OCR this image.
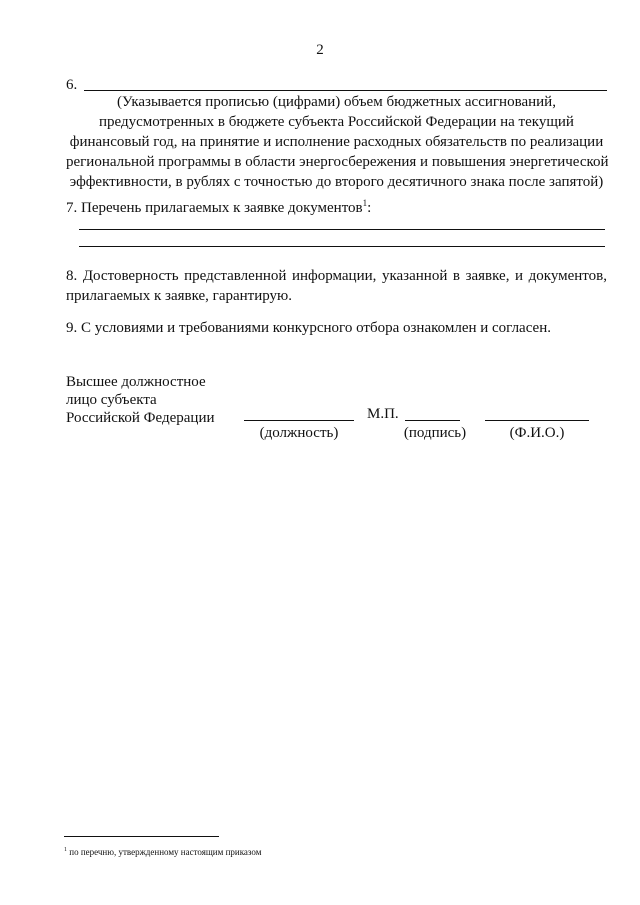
2
6.
(Указывается прописью (цифрами) объем бюджетных ассигнований,
предусмотренных в бюджете субъекта Российской Федерации на текущий
финансовый год, на принятие и исполнение расходных обязательств по реализации
региональной программы в области энергосбережения и повышения энергетической
эффективности, в рублях с точностью до второго десятичного знака после запятой)
7. Перечень прилагаемых к заявке документов$^1$:
8. Достоверность представленной информации, указанной в заявке, и документов,
прилагаемых к заявке, гарантирую.
9. С условиями и требованиями конкурсного отбора ознакомлен и согласен.
Высшее должностное
лицо субъекта
Российской Федерации	М.П.
(должность)	(подпись)	(Ф.И.О.)
$^1$ по перечню, утвержденному настоящим приказом
